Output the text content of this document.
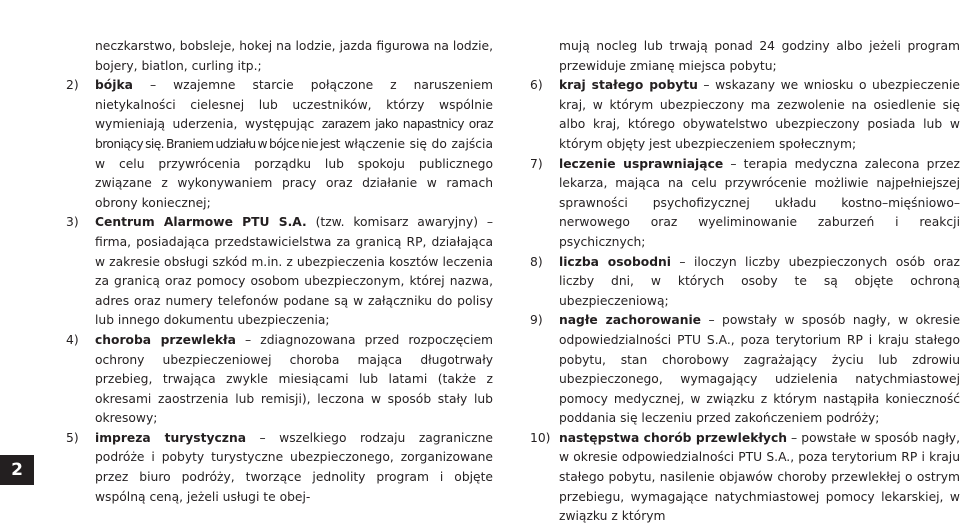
neczkarstwo, bobsleje, hokej na lodzie, jazda figurowa na lodzie, bojery, biatlon, curling itp.;
2) bójka – wzajemne starcie połączone z naruszeniem nietykalności cielesnej lub uczestników, którzy wspólnie wymieniają uderzenia, występując zarazem jako napastnicy oraz broniący się. Braniem udziału w bójce nie jest włączenie się do zajścia w celu przywrócenia porządku lub spokoju publicznego związane z wykonywaniem pracy oraz działanie w ramach obrony koniecznej;
3) Centrum Alarmowe PTU S.A. (tzw. komisarz awaryjny) – firma, posiadająca przedstawicielstwa za granicą RP, działająca w zakresie obsługi szkód m.in. z ubezpieczenia kosztów leczenia za granicą oraz pomocy osobom ubezpieczonym, której nazwa, adres oraz numery telefonów podane są w załączniku do polisy lub innego dokumentu ubezpieczenia;
4) choroba przewlekła – zdiagnozowana przed rozpoczęciem ochrony ubezpieczeniowej choroba mająca długotrwały przebieg, trwająca zwykle miesiącami lub latami (także z okresami zaostrzenia lub remisji), leczona w sposób stały lub okresowy;
5) impreza turystyczna – wszelkiego rodzaju zagraniczne podróże i pobyty turystyczne ubezpieczonego, zorganizowane przez biuro podróży, tworzące jednolity program i objęte wspólną ceną, jeżeli usługi te obej-
mują nocleg lub trwają ponad 24 godziny albo jeżeli program przewiduje zmianę miejsca pobytu;
6) kraj stałego pobytu – wskazany we wniosku o ubezpieczenie kraj, w którym ubezpieczony ma zezwolenie na osiedlenie się albo kraj, którego obywatelstwo ubezpieczony posiada lub w którym objęty jest ubezpieczeniem społecznym;
7) leczenie usprawniające – terapia medyczna zalecona przez lekarza, mająca na celu przywrócenie możliwie najpełniejszej sprawności psychofizycznej układu kostno–mięśniowo–nerwowego oraz wyeliminowanie zaburzeń i reakcji psychicznych;
8) liczba osobodni – iloczyn liczby ubezpieczonych osób oraz liczby dni, w których osoby te są objęte ochroną ubezpieczeniową;
9) nagłe zachorowanie – powstały w sposób nagły, w okresie odpowiedzialności PTU S.A., poza terytorium RP i kraju stałego pobytu, stan chorobowy zagrażający życiu lub zdrowiu ubezpieczonego, wymagający udzielenia natychmiastowej pomocy medycznej, w związku z którym nastąpiła konieczność poddania się leczeniu przed zakończeniem podróży;
10) następstwa chorób przewlekłych – powstałe w sposób nagły, w okresie odpowiedzialności PTU S.A., poza terytorium RP i kraju stałego pobytu, nasilenie objawów choroby przewlekłej o ostrym przebiegu, wymagające natychmiastowej pomocy lekarskiej, w związku z którym
2
